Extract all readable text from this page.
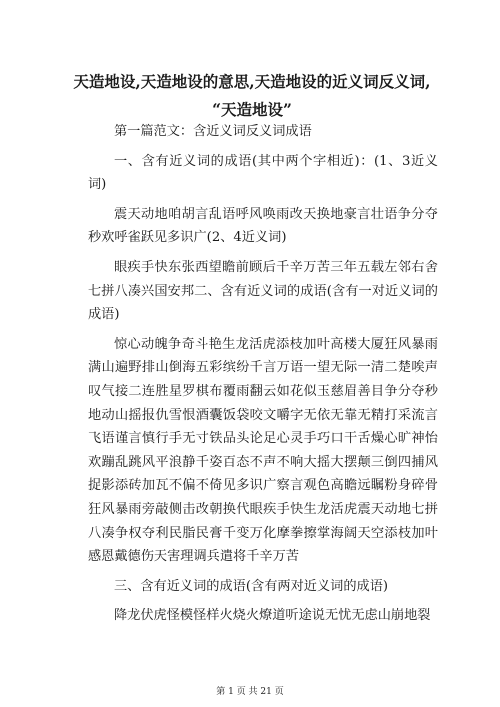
天造地设,天造地设的意思,天造地设的近义词反义词,
“天造地设”

第一篇范文：含近义词反义词成语

一、含有近义词的成语(其中两个字相近)：(1、3近义词)

震天动地咱胡言乱语呼风唤雨改天换地豪言壮语争分夺秒欢呼雀跃见多识广(2、4近义词)

眼疾手快东张西望瞻前顾后千辛万苦三年五载左邻右舍七拼八凑兴国安邦二、含有近义词的成语(含有一对近义词的成语)

惊心动魄争奇斗艳生龙活虎添枝加叶高楼大厦狂风暴雨满山遍野排山倒海五彩缤纷千言万语一望无际一清二楚唉声叹气接二连胜星罗棋布覆雨翻云如花似玉慈眉善目争分夺秒地动山摇报仇雪恨酒囊饭袋咬文嚼字无依无靠无精打采流言飞语谨言慎行手无寸铁品头论足心灵手巧口干舌燥心旷神怡欢蹦乱跳风平浪静千姿百态不声不响大摇大摆颠三倒四捕风捉影添砖加瓦不偏不倚见多识广察言观色高瞻远瞩粉身碎骨狂风暴雨旁敲侧击改朝换代眼疾手快生龙活虎震天动地七拼八凑争权夺利民脂民膏千变万化摩拳擦掌海阔天空添枝加叶感恩戴德伤天害理调兵遣将千辛万苦

三、含有近义词的成语(含有两对近义词的成语)

降龙伏虎怪模怪样火烧火燎道听途说无忧无虑山崩地裂

第 1 页 共 21 页
